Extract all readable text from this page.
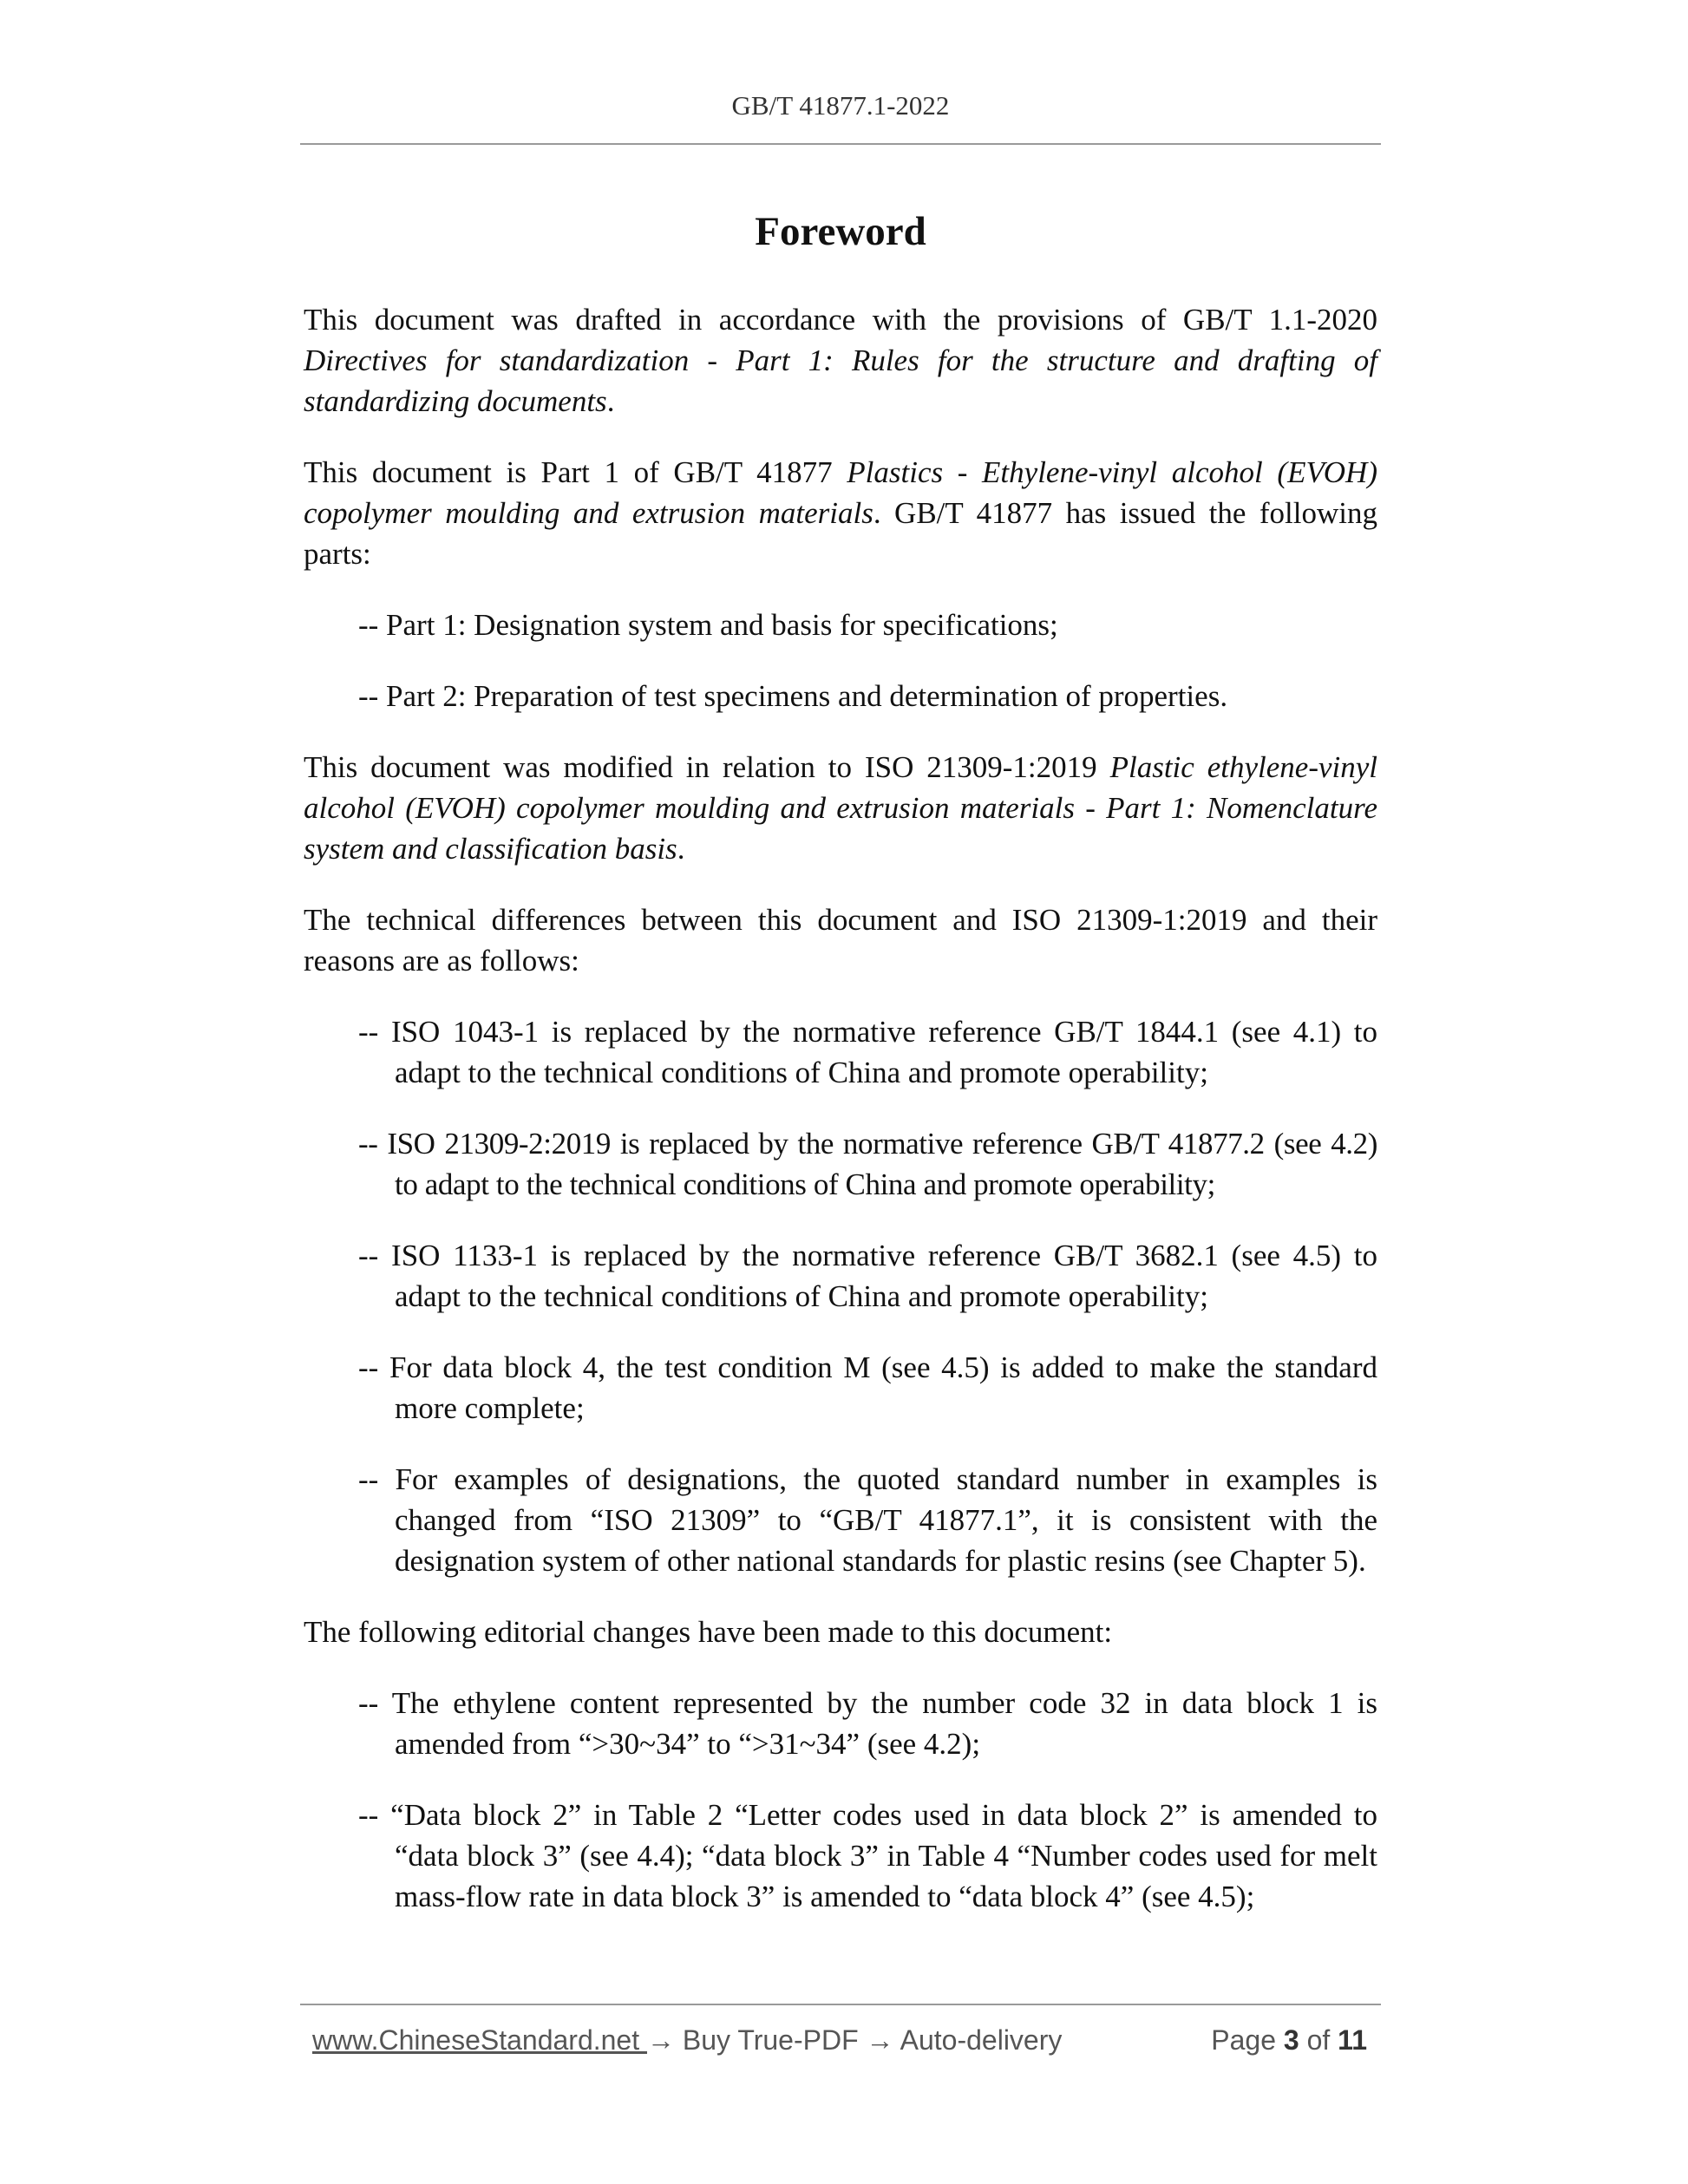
GB/T 41877.1-2022
Foreword

This document was drafted in accordance with the provisions of GB/T 1.1-2020 Directives for standardization - Part 1: Rules for the structure and drafting of standardizing documents.

This document is Part 1 of GB/T 41877 Plastics - Ethylene-vinyl alcohol (EVOH) copolymer moulding and extrusion materials. GB/T 41877 has issued the following parts:

-- Part 1: Designation system and basis for specifications;

-- Part 2: Preparation of test specimens and determination of properties.

This document was modified in relation to ISO 21309-1:2019 Plastic ethylene-vinyl alcohol (EVOH) copolymer moulding and extrusion materials - Part 1: Nomenclature system and classification basis.

The technical differences between this document and ISO 21309-1:2019 and their reasons are as follows:

-- ISO 1043-1 is replaced by the normative reference GB/T 1844.1 (see 4.1) to adapt to the technical conditions of China and promote operability;

-- ISO 21309-2:2019 is replaced by the normative reference GB/T 41877.2 (see 4.2) to adapt to the technical conditions of China and promote operability;

-- ISO 1133-1 is replaced by the normative reference GB/T 3682.1 (see 4.5) to adapt to the technical conditions of China and promote operability;

-- For data block 4, the test condition M (see 4.5) is added to make the standard more complete;

-- For examples of designations, the quoted standard number in examples is changed from “ISO 21309” to “GB/T 41877.1”, it is consistent with the designation system of other national standards for plastic resins (see Chapter 5).

The following editorial changes have been made to this document:

-- The ethylene content represented by the number code 32 in data block 1 is amended from “>30~34” to “>31~34” (see 4.2);

-- “Data block 2” in Table 2 “Letter codes used in data block 2” is amended to “data block 3” (see 4.4); “data block 3” in Table 4 “Number codes used for melt mass-flow rate in data block 3” is amended to “data block 4” (see 4.5);

www.ChineseStandard.net → Buy True-PDF → Auto-delivery	Page 3 of 11
